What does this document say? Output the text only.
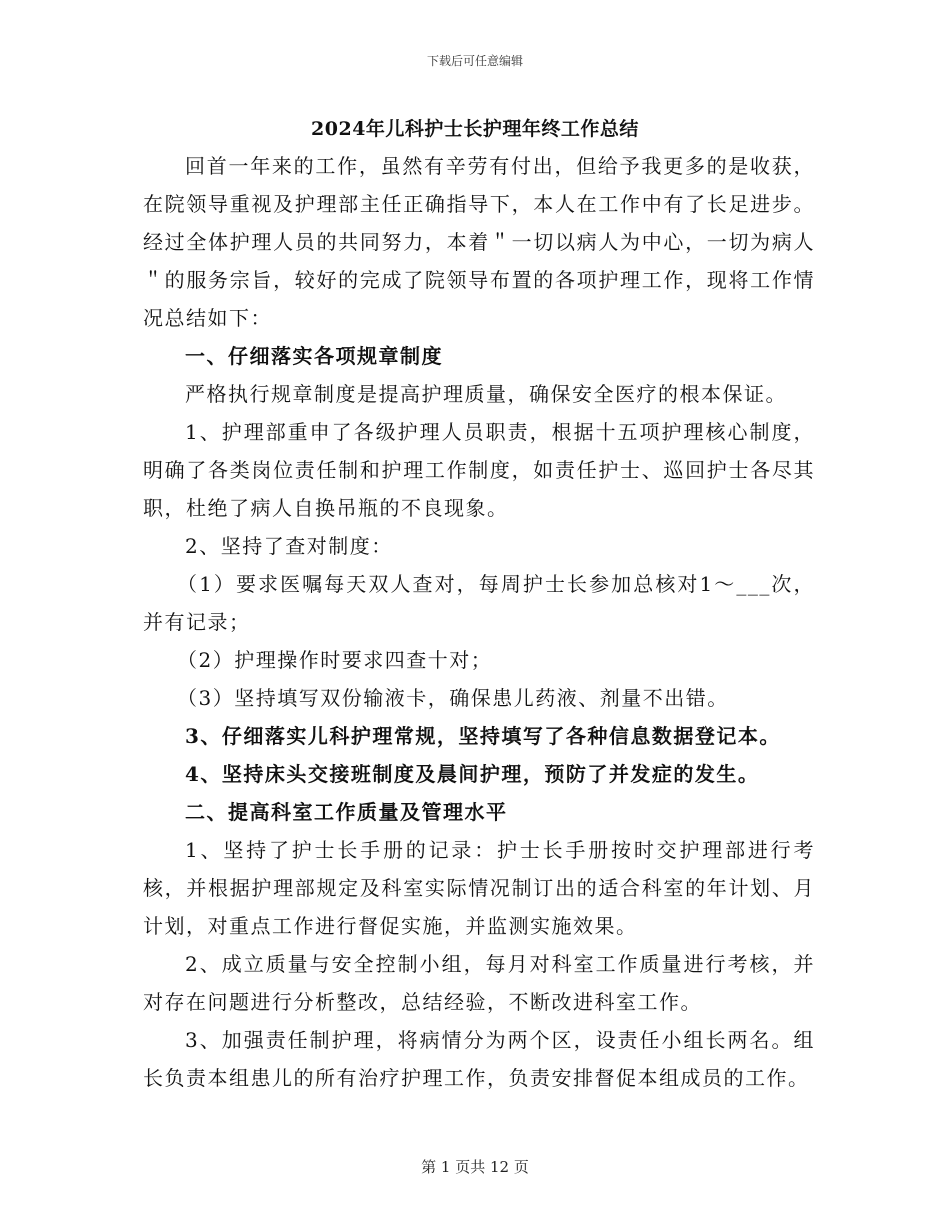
下载后可任意编辑
2024年儿科护士长护理年终工作总结

回首一年来的工作，虽然有辛劳有付出，但给予我更多的是收获，在院领导重视及护理部主任正确指导下，本人在工作中有了长足进步。经过全体护理人员的共同努力，本着＂一切以病人为中心，一切为病人＂的服务宗旨，较好的完成了院领导布置的各项护理工作，现将工作情况总结如下：

一、仔细落实各项规章制度

严格执行规章制度是提高护理质量，确保安全医疗的根本保证。

1、护理部重申了各级护理人员职责，根据十五项护理核心制度，明确了各类岗位责任制和护理工作制度，如责任护士、巡回护士各尽其职，杜绝了病人自换吊瓶的不良现象。

2、坚持了查对制度：

（1）要求医嘱每天双人查对，每周护士长参加总核对1～___次，并有记录；

（2）护理操作时要求四查十对；

（3）坚持填写双份输液卡，确保患儿药液、剂量不出错。

3、仔细落实儿科护理常规，坚持填写了各种信息数据登记本。

4、坚持床头交接班制度及晨间护理，预防了并发症的发生。

二、提高科室工作质量及管理水平

1、坚持了护士长手册的记录：护士长手册按时交护理部进行考核，并根据护理部规定及科室实际情况制订出的适合科室的年计划、月计划，对重点工作进行督促实施，并监测实施效果。

2、成立质量与安全控制小组，每月对科室工作质量进行考核，并对存在问题进行分析整改，总结经验，不断改进科室工作。

3、加强责任制护理，将病情分为两个区，设责任小组长两名。组长负责本组患儿的所有治疗护理工作，负责安排督促本组成员的工作。

第 1 页共 12 页
